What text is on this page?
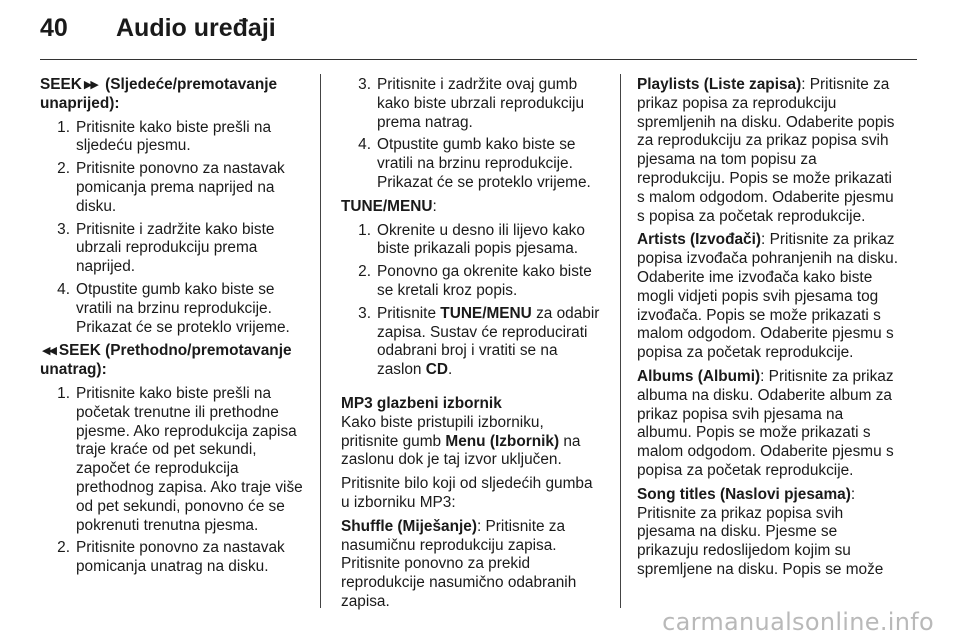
40	Audio uređaji

SEEK ▶▶ (Sljedeće/premotavanje unaprijed):

1. Pritisnite kako biste prešli na sljedeću pjesmu.
2. Pritisnite ponovno za nastavak pomicanja prema naprijed na disku.
3. Pritisnite i zadržite kako biste ubrzali reprodukciju prema naprijed.
4. Otpustite gumb kako biste se vratili na brzinu reprodukcije. Prikazat će se proteklo vrijeme.

◀◀ SEEK (Prethodno/premotavanje unatrag):

1. Pritisnite kako biste prešli na početak trenutne ili prethodne pjesme. Ako reprodukcija zapisa traje kraće od pet sekundi, započet će reprodukcija prethodnog zapisa. Ako traje više od pet sekundi, ponovno će se pokrenuti trenutna pjesma.
2. Pritisnite ponovno za nastavak pomicanja unatrag na disku.
3. Pritisnite i zadržite ovaj gumb kako biste ubrzali reprodukciju prema natrag.
4. Otpustite gumb kako biste se vratili na brzinu reprodukcije. Prikazat će se proteklo vrijeme.

TUNE/MENU:

1. Okrenite u desno ili lijevo kako biste prikazali popis pjesama.
2. Ponovno ga okrenite kako biste se kretali kroz popis.
3. Pritisnite TUNE/MENU za odabir zapisa. Sustav će reproducirati odabrani broj i vratiti se na zaslon CD.

MP3 glazbeni izbornik

Kako biste pristupili izborniku, pritisnite gumb Menu (Izbornik) na zaslonu dok je taj izvor uključen.

Pritisnite bilo koji od sljedećih gumba u izborniku MP3:

Shuffle (Miješanje): Pritisnite za nasumičnu reprodukciju zapisa. Pritisnite ponovno za prekid reprodukcije nasumično odabranih zapisa.

Playlists (Liste zapisa): Pritisnite za prikaz popisa za reprodukciju spremljenih na disku. Odaberite popis za reprodukciju za prikaz popisa svih pjesama na tom popisu za reprodukciju. Popis se može prikazati s malom odgodom. Odaberite pjesmu s popisa za početak reprodukcije.

Artists (Izvođači): Pritisnite za prikaz popisa izvođača pohranjenih na disku. Odaberite ime izvođača kako biste mogli vidjeti popis svih pjesama tog izvođača. Popis se može prikazati s malom odgodom. Odaberite pjesmu s popisa za početak reprodukcije.

Albums (Albumi): Pritisnite za prikaz albuma na disku. Odaberite album za prikaz popisa svih pjesama na albumu. Popis se može prikazati s malom odgodom. Odaberite pjesmu s popisa za početak reprodukcije.

Song titles (Naslovi pjesama): Pritisnite za prikaz popisa svih pjesama na disku. Pjesme se prikazuju redoslijedom kojim su spremljene na disku. Popis se može

carmanualsonline.info
